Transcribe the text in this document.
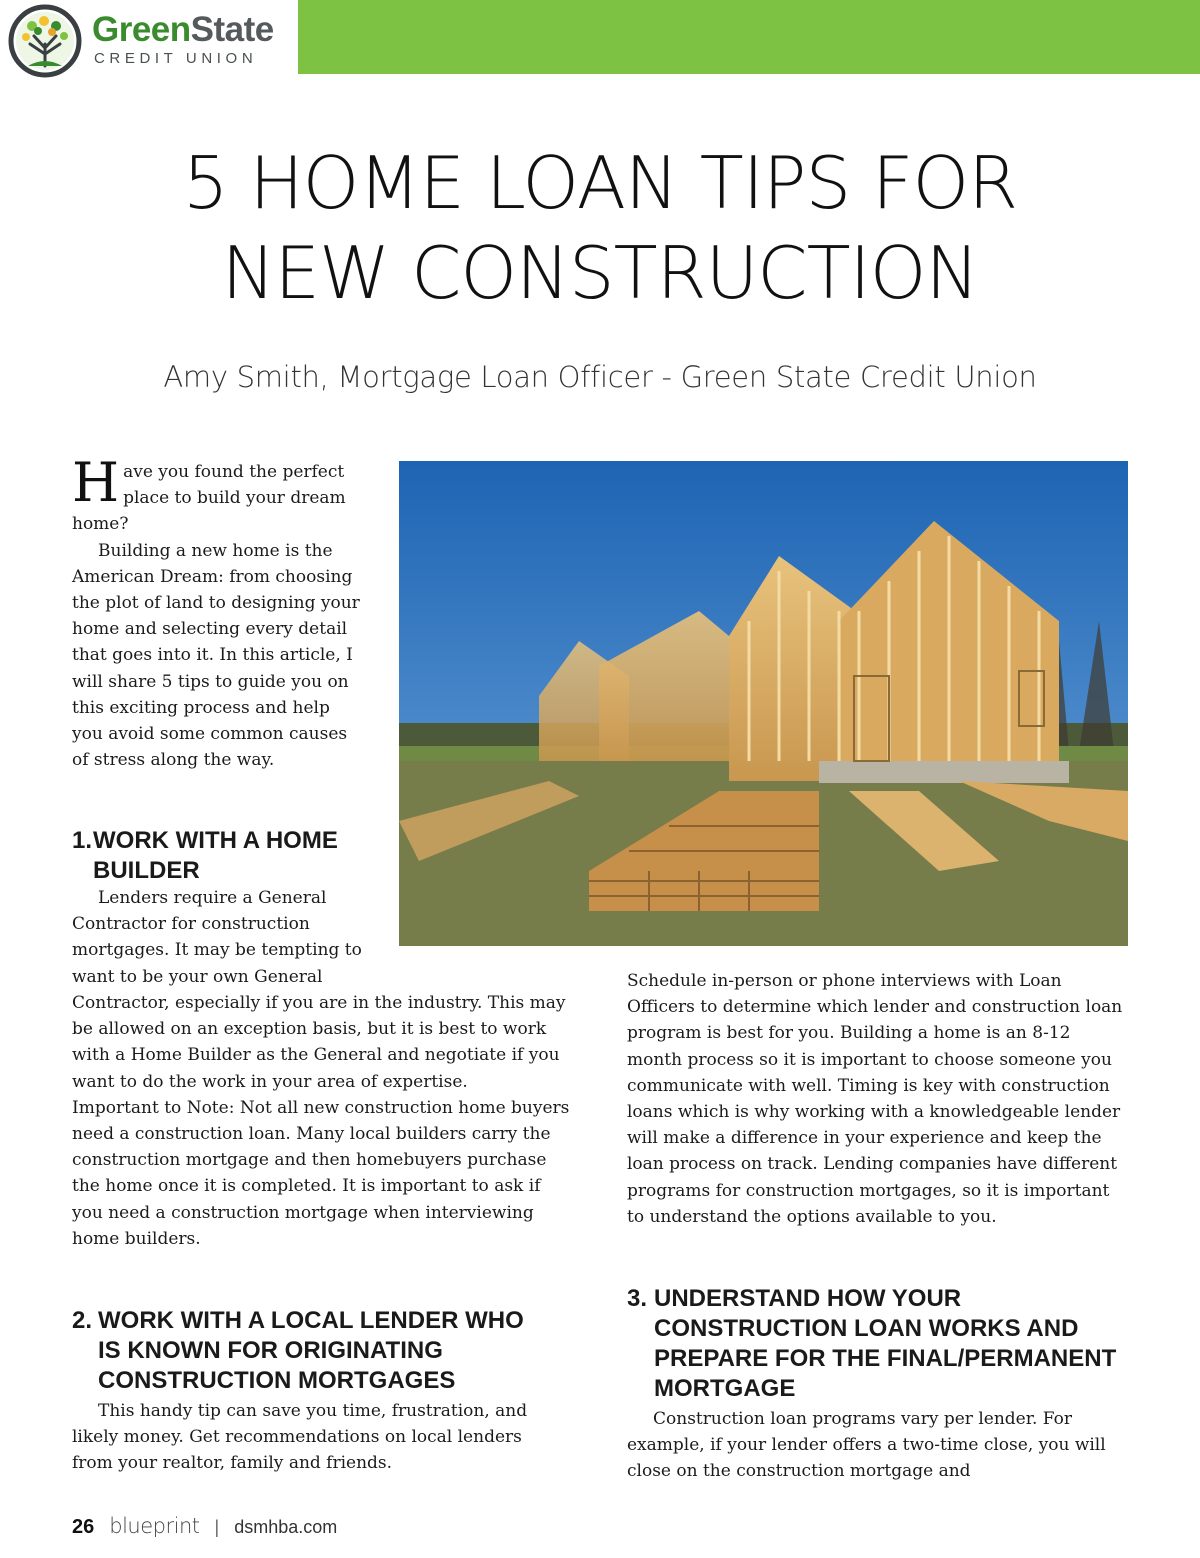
GreenState
CREDIT UNION
5 HOME LOAN TIPS FOR
NEW CONSTRUCTION
Amy Smith, Mortgage Loan Officer - Green State Credit Union

Have you found the perfect place to build your dream home?

Building a new home is the American Dream: from choosing the plot of land to designing your home and selecting every detail that goes into it. In this article, I will share 5 tips to guide you on this exciting process and help you avoid some common causes of stress along the way.

1. WORK WITH A HOME BUILDER

Lenders require a General Contractor for construction mortgages. It may be tempting to want to be your own General

Contractor, especially if you are in the industry. This may be allowed on an exception basis, but it is best to work with a Home Builder as the General and negotiate if you want to do the work in your area of expertise.

Important to Note: Not all new construction home buyers need a construction loan. Many local builders carry the construction mortgage and then homebuyers purchase the home once it is completed. It is important to ask if you need a construction mortgage when interviewing home builders.

2. WORK WITH A LOCAL LENDER WHO IS KNOWN FOR ORIGINATING CONSTRUCTION MORTGAGES

This handy tip can save you time, frustration, and likely money. Get recommendations on local lenders from your realtor, family and friends.

Schedule in-person or phone interviews with Loan Officers to determine which lender and construction loan program is best for you. Building a home is an 8-12 month process so it is important to choose someone you communicate with well. Timing is key with construction loans which is why working with a knowledgeable lender will make a difference in your experience and keep the loan process on track. Lending companies have different programs for construction mortgages, so it is important to understand the options available to you.

3. UNDERSTAND HOW YOUR CONSTRUCTION LOAN WORKS AND PREPARE FOR THE FINAL/PERMANENT MORTGAGE

Construction loan programs vary per lender. For example, if your lender offers a two-time close, you will close on the construction mortgage and

26 blueprint | dsmhba.com
